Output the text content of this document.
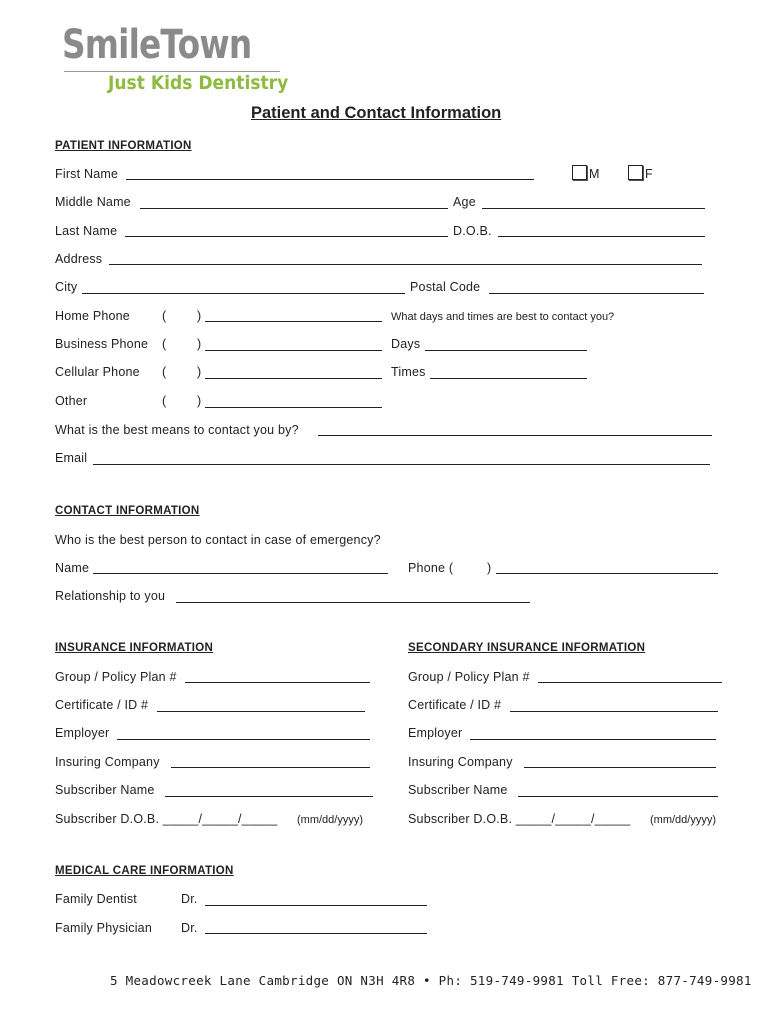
SmileTown
Just Kids Dentistry
Patient and Contact Information
PATIENT INFORMATION
First Name	M	F
Middle Name	Age
Last Name	D.O.B.
Address
City	Postal Code
Home Phone	( )	What days and times are best to contact you?
Business Phone ( )	Days
Cellular Phone ( )	Times
Other	( )
What is the best means to contact you by?
Email
CONTACT INFORMATION
Who is the best person to contact in case of emergency?
Name	Phone (	)
Relationship to you
INSURANCE INFORMATION
Group / Policy Plan #
Certificate / ID #
Employer
Insuring Company
Subscriber Name
Subscriber D.O.B. _____/_____/_____ (mm/dd/yyyy)
SECONDARY INSURANCE INFORMATION
Group / Policy Plan #
Certificate / ID #
Employer
Insuring Company
Subscriber Name
Subscriber D.O.B. _____/_____/_____ (mm/dd/yyyy)
MEDICAL CARE INFORMATION
Family Dentist	Dr.
Family Physician Dr.
5 Meadowcreek Lane Cambridge ON N3H 4R8 • Ph: 519-749-9981 Toll Free: 877-749-9981
